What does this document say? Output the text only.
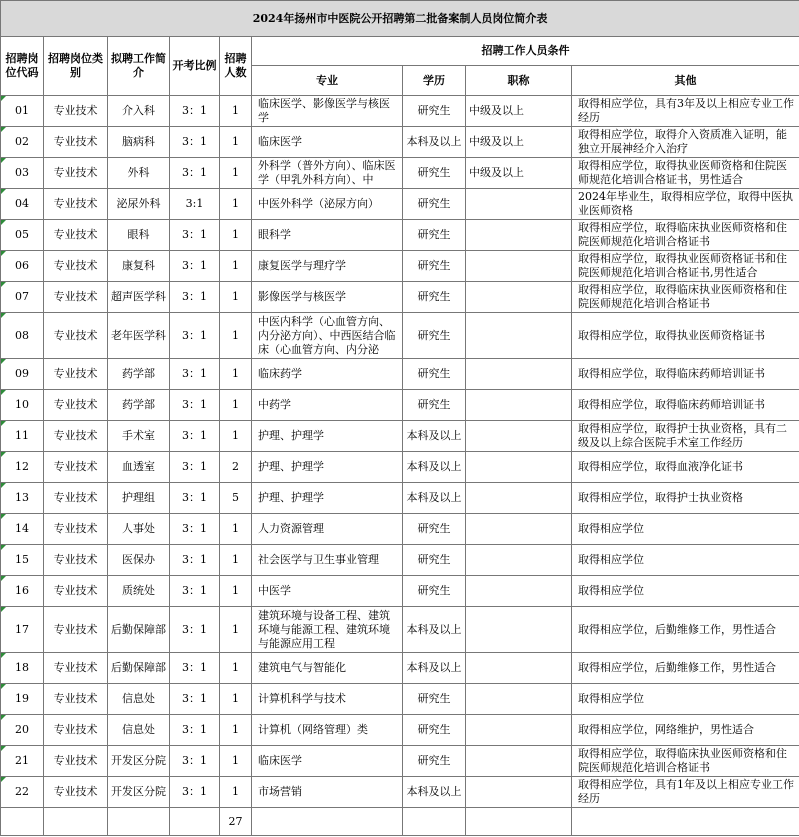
2024年扬州市中医院公开招聘第二批备案制人员岗位简介表								
招聘岗位代码	招聘岗位类别	拟聘工作简介	开考比例	招聘人数	招聘工作人员条件			
					专业	学历	职称	其他
01	专业技术	介入科	3：1	1	临床医学、影像医学与核医学	研究生	中级及以上	取得相应学位，具有3年及以上相应专业工作经历

02	专业技术	脑病科	3：1	1	临床医学	本科及以上	中级及以上	取得相应学位，取得介入资质准入证明，能独立开展神经介入治疗

03	专业技术	外科	3：1	1	外科学（普外方向）、临床医学（甲乳外科方向）、中	研究生	中级及以上	取得相应学位，取得执业医师资格和住院医师规范化培训合格证书，男性适合

04	专业技术	泌尿外科	3:1	1	中医外科学（泌尿方向）	研究生		2024年毕业生，取得相应学位，取得中医执业医师资格

05	专业技术	眼科	3：1	1	眼科学	研究生		取得相应学位，取得临床执业医师资格和住院医师规范化培训合格证书

06	专业技术	康复科	3：1	1	康复医学与理疗学	研究生		取得相应学位，取得执业医师资格证书和住院医师规范化培训合格证书,男性适合

07	专业技术	超声医学科	3：1	1	影像医学与核医学	研究生		取得相应学位，取得临床执业医师资格和住院医师规范化培训合格证书

08	专业技术	老年医学科	3：1	1	中医内科学（心血管方向、内分泌方向）、中西医结合临床（心血管方向、内分泌	研究生		取得相应学位，取得执业医师资格证书

09	专业技术	药学部	3：1	1	临床药学	研究生		取得相应学位，取得临床药师培训证书

10	专业技术	药学部	3：1	1	中药学	研究生		取得相应学位，取得临床药师培训证书

11	专业技术	手术室	3：1	1	护理、护理学	本科及以上		取得相应学位，取得护士执业资格，具有二级及以上综合医院手术室工作经历

12	专业技术	血透室	3：1	2	护理、护理学	本科及以上		取得相应学位，取得血液净化证书

13	专业技术	护理组	3：1	5	护理、护理学	本科及以上		取得相应学位，取得护士执业资格

14	专业技术	人事处	3：1	1	人力资源管理	研究生		取得相应学位

15	专业技术	医保办	3：1	1	社会医学与卫生事业管理	研究生		取得相应学位

16	专业技术	质统处	3：1	1	中医学	研究生		取得相应学位

17	专业技术	后勤保障部	3：1	1	建筑环境与设备工程、建筑环境与能源工程、建筑环境与能源应用工程	本科及以上		取得相应学位，后勤维修工作，男性适合

18	专业技术	后勤保障部	3：1	1	建筑电气与智能化	本科及以上		取得相应学位，后勤维修工作，男性适合

19	专业技术	信息处	3：1	1	计算机科学与技术	研究生		取得相应学位

20	专业技术	信息处	3：1	1	计算机（网络管理）类	研究生		取得相应学位，网络维护，男性适合

21	专业技术	开发区分院	3：1	1	临床医学	研究生		取得相应学位，取得临床执业医师资格和住院医师规范化培训合格证书

22	专业技术	开发区分院	3：1	1	市场营销	本科及以上		取得相应学位，具有1年及以上相应专业工作经历

				27				
